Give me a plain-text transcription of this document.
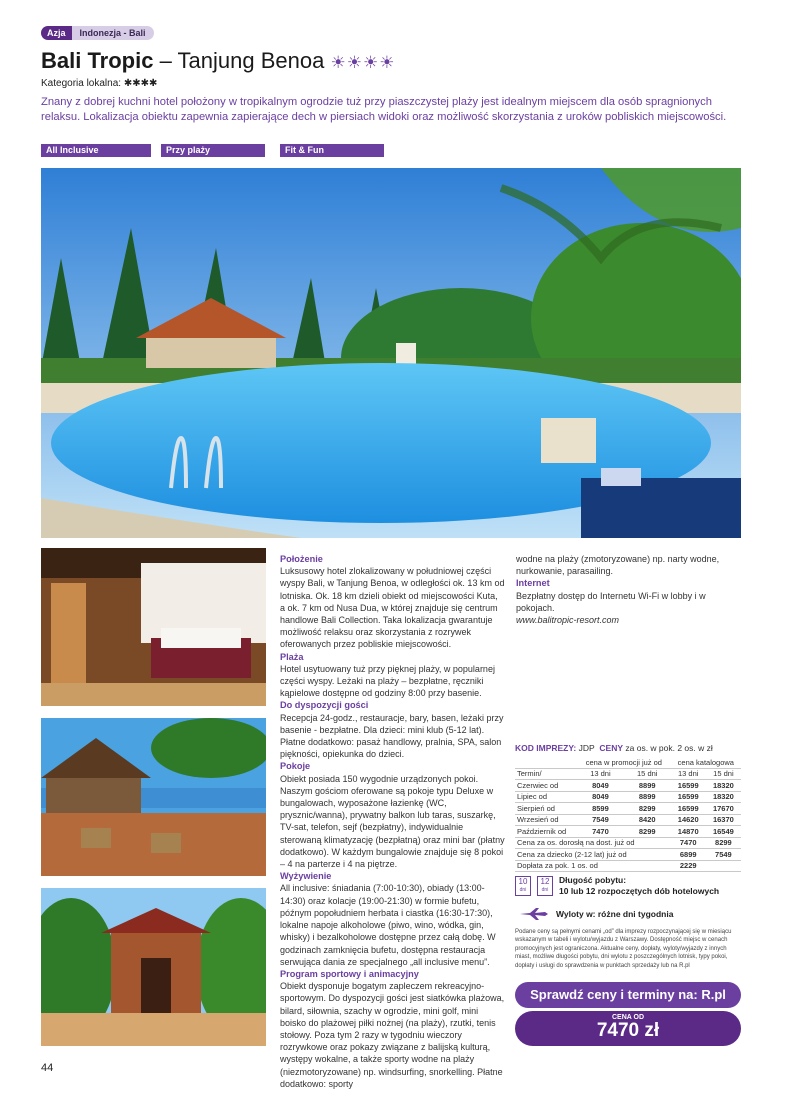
Azja	Indonezja - Bali
Bali Tropic – Tanjung Benoa ☀☀☀☀
Kategoria lokalna: ✱✱✱✱
Znany z dobrej kuchni hotel położony w tropikalnym ogrodzie tuż przy piaszczystej plaży jest idealnym miejscem dla osób spragnionych relaksu. Lokalizacja obiektu zapewnia zapierające dech w piersiach widoki oraz możliwość skorzystania z uroków pobliskich miejscowości.
All Inclusive	Przy plaży	Fit & Fun
Położenie

Luksusowy hotel zlokalizowany w południowej części wyspy Bali, w Tanjung Benoa, w odległości ok. 13 km od lotniska. Ok. 18 km dzieli obiekt od miejscowości Kuta, a ok. 7 km od Nusa Dua, w której znajduje się centrum handlowe Bali Collection. Taka lokalizacja gwarantuje możliwość relaksu oraz skorzystania z rozrywek oferowanych przez pobliskie miejscowości.

Plaża

Hotel usytuowany tuż przy pięknej plaży, w popularnej części wyspy. Leżaki na plaży – bezpłatne, ręczniki kąpielowe dostępne od godziny 8:00 przy basenie.

Do dyspozycji gości

Recepcja 24-godz., restauracje, bary, basen, leżaki przy basenie - bezpłatne. Dla dzieci: mini klub (5-12 lat). Płatne dodatkowo: pasaż handlowy, pralnia, SPA, salon piękności, opiekunka do dzieci.

Pokoje

Obiekt posiada 150 wygodnie urządzonych pokoi. Naszym gościom oferowane są pokoje typu Deluxe w bungalowach, wyposażone łazienkę (WC, prysznic/wanna), prywatny balkon lub taras, suszarkę, TV-sat, telefon, sejf (bezpłatny), indywidualnie sterowaną klimatyzację (bezpłatną) oraz mini bar (płatny dodatkowo). W każdym bungalowie znajduje się 8 pokoi – 4 na parterze i 4 na piętrze.

Wyżywienie

All inclusive: śniadania (7:00-10:30), obiady (13:00-14:30) oraz kolacje (19:00-21:30) w formie bufetu, późnym popołudniem herbata i ciastka (16:30-17:30), lokalne napoje alkoholowe (piwo, wino, wódka, gin, whisky) i bezalkoholowe dostępne przez całą dobę. W godzinach zamknięcia bufetu, dostępna restauracja serwująca dania ze specjalnego „all inclusive menu”.

Program sportowy i animacyjny

Obiekt dysponuje bogatym zapleczem rekreacyjno-sportowym. Do dyspozycji gości jest siatkówka plażowa, bilard, siłownia, szachy w ogrodzie, mini golf, mini boisko do plażowej piłki nożnej (na plaży), rzutki, tenis stołowy. Poza tym 2 razy w tygodniu wieczory rozrywkowe oraz pokazy związane z balijską kulturą, występy wokalne, a także sporty wodne na plaży (niezmotoryzowane) np. windsurfing, snorkelling. Płatne dodatkowo: sporty

wodne na plaży (zmotoryzowane) np. narty wodne, nurkowanie, parasailing.

Internet

Bezpłatny dostęp do Internetu Wi-Fi w lobby i w pokojach.

www.balitropic-resort.com

KOD IMPREZY: JDP CENY za os. w pok. 2 os. w zł
	cena w promocji już od		cena katalogowa	
Termin/	13 dni	15 dni	13 dni	15 dni
Czerwiec od	8049	8899	16599	18320
Lipiec od	8049	8899	16599	18320
Sierpień od	8599	8299	16599	17670
Wrzesień od	7549	8420	14620	16370
Październik od	7470	8299	14870	16549
Cena za os. dorosłą na dost. już od			7470	8299
Cena za dziecko (2-12 lat) już od			6899	7549
Dopłata za pok. 1 os. od			2229	
10
dni
12
dni
Długość pobytu:
10 lub 12 rozpoczętych dób hotelowych
Wyloty w: różne dni tygodnia
Podane ceny są pełnymi cenami „od” dla imprezy rozpoczynającej się w miesiącu wskazanym w tabeli i wylotu/wyjazdu z Warszawy. Dostępność miejsc w cenach promocyjnych jest ograniczona. Aktualne ceny, dopłaty, wyloty/wyjazdy z innych miast, możliwe długości pobytu, dni wylotu z poszczególnych lotnisk, typy pokoi, dopłaty i usługi do sprawdzenia w punktach sprzedaży lub na R.pl
Sprawdź ceny i terminy na: R.pl
CENA OD
7470 zł
44
